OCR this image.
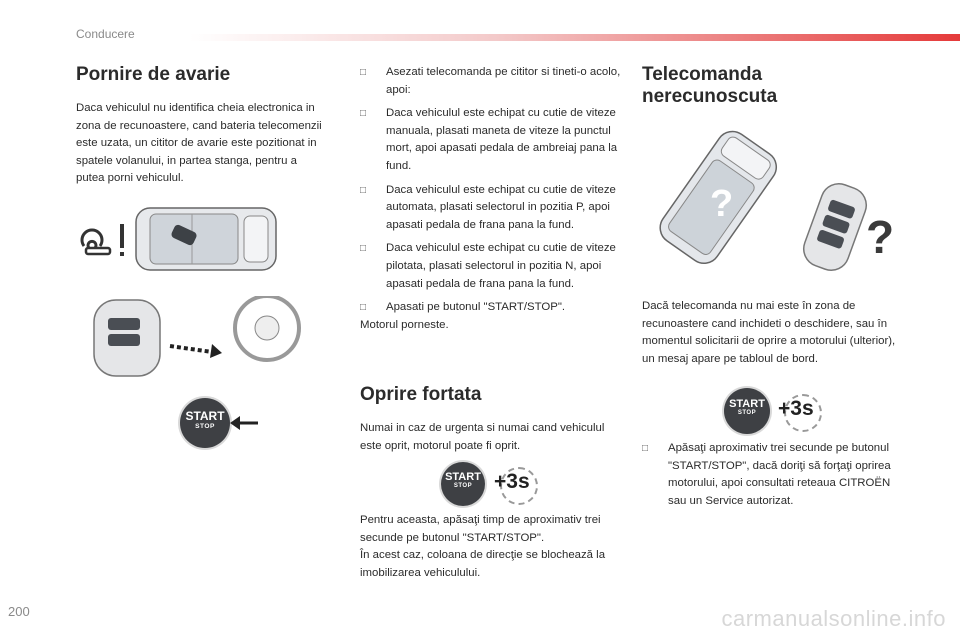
Conducere
Pornire de avarie

Daca vehiculul nu identifica cheia electronica in zona de recunoastere, cand bateria telecomenzii este uzata, un cititor de avarie este pozitionat in spatele volanului, in partea stanga, pentru a putea porni vehiculul.

START
STOP
□ Asezati telecomanda pe cititor si tineti-o acolo, apoi:
□ Daca vehiculul este echipat cu cutie de viteze manuala, plasati maneta de viteze la punctul mort, apoi apasati pedala de ambreiaj pana la fund.
□ Daca vehiculul este echipat cu cutie de viteze automata, plasati selectorul in pozitia P, apoi apasati pedala de frana pana la fund.
□ Daca vehiculul este echipat cu cutie de viteze pilotata, plasati selectorul in pozitia N, apoi apasati pedala de frana pana la fund.
□ Apasati pe butonul "START/STOP".

Motorul porneste.

Oprire fortata

Numai in caz de urgenta si numai cand vehiculul este oprit, motorul poate fi oprit.

START
STOP	+3s

Pentru aceasta, apăsaţi timp de aproximativ trei secunde pe butonul "START/STOP".

În acest caz, coloana de direcţie se blochează la imobilizarea vehiculului.

Telecomanda
nerecunoscuta
?
?

Dacă telecomanda nu mai este în zona de recunoastere cand inchideti o deschidere, sau în momentul solicitarii de oprire a motorului (ulterior), un mesaj apare pe tabloul de bord.

START
STOP	+3s
□ Apăsaţi aproximativ trei secunde pe butonul "START/STOP", dacă doriţi să forţaţi oprirea motorului, apoi consultati reteaua CITROËN sau un Service autorizat.
200	carmanualsonline.info
